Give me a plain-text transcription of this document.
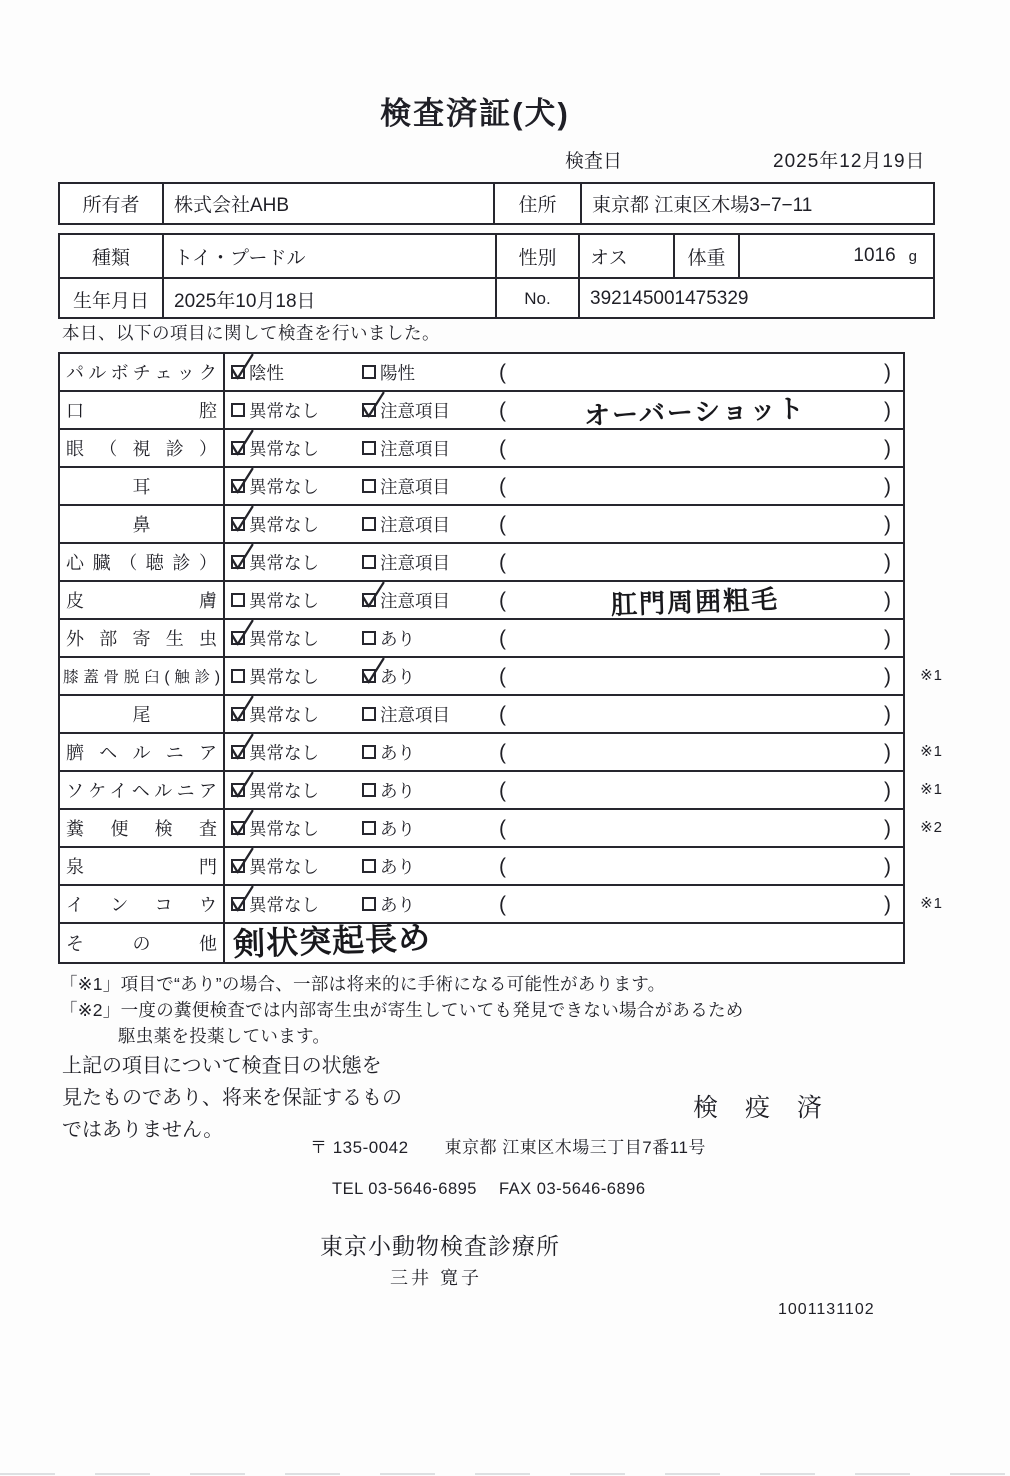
検査済証(犬)
検査日	2025年12月19日
所有者	株式会社AHB	住所	東京都 江東区木場3−7−11
種類	トイ・プードル	性別	オス	体重	1016 g
生年月日	2025年10月18日	No.	392145001475329
本日、以下の項目に関して検査を行いました。
パルボチェック 陰性	陽性	(	)
口腔 異常なし	注意項目 (	オーバーショット	)
眼（視診） 異常なし	注意項目 (	)
耳	異常なし	注意項目 (	)
鼻	異常なし	注意項目 (	)
心臓（聴診） 異常なし	注意項目 (	)
皮膚 異常なし	注意項目 (	肛門周囲粗毛	)
外部寄生虫 異常なし	あり	(	)
膝蓋骨脱臼(触診) 異常なし	あり	(	) ※1
尾	異常なし	注意項目 (	)
臍ヘルニア 異常なし	あり	(	) ※1
ソケイヘルニア 異常なし	あり	(	) ※1
糞便検査 異常なし	あり	(	) ※2
泉門 異常なし	あり	(	)
インコウ 異常なし	あり	(	) ※1
その他 剣状突起長め
「※1」項目で“あり”の場合、一部は将来的に手術になる可能性があります。
「※2」一度の糞便検査では内部寄生虫が寄生していても発見できない場合があるため
駆虫薬を投薬しています。
上記の項目について検査日の状態を
見たものであり、将来を保証するもの
ではありません。
検 疫 済
〒 135-0042 東京都 江東区木場三丁目7番11号
TEL 03-5646-6895 FAX 03-5646-6896
東京小動物検査診療所
三井 寛子
1001131102
